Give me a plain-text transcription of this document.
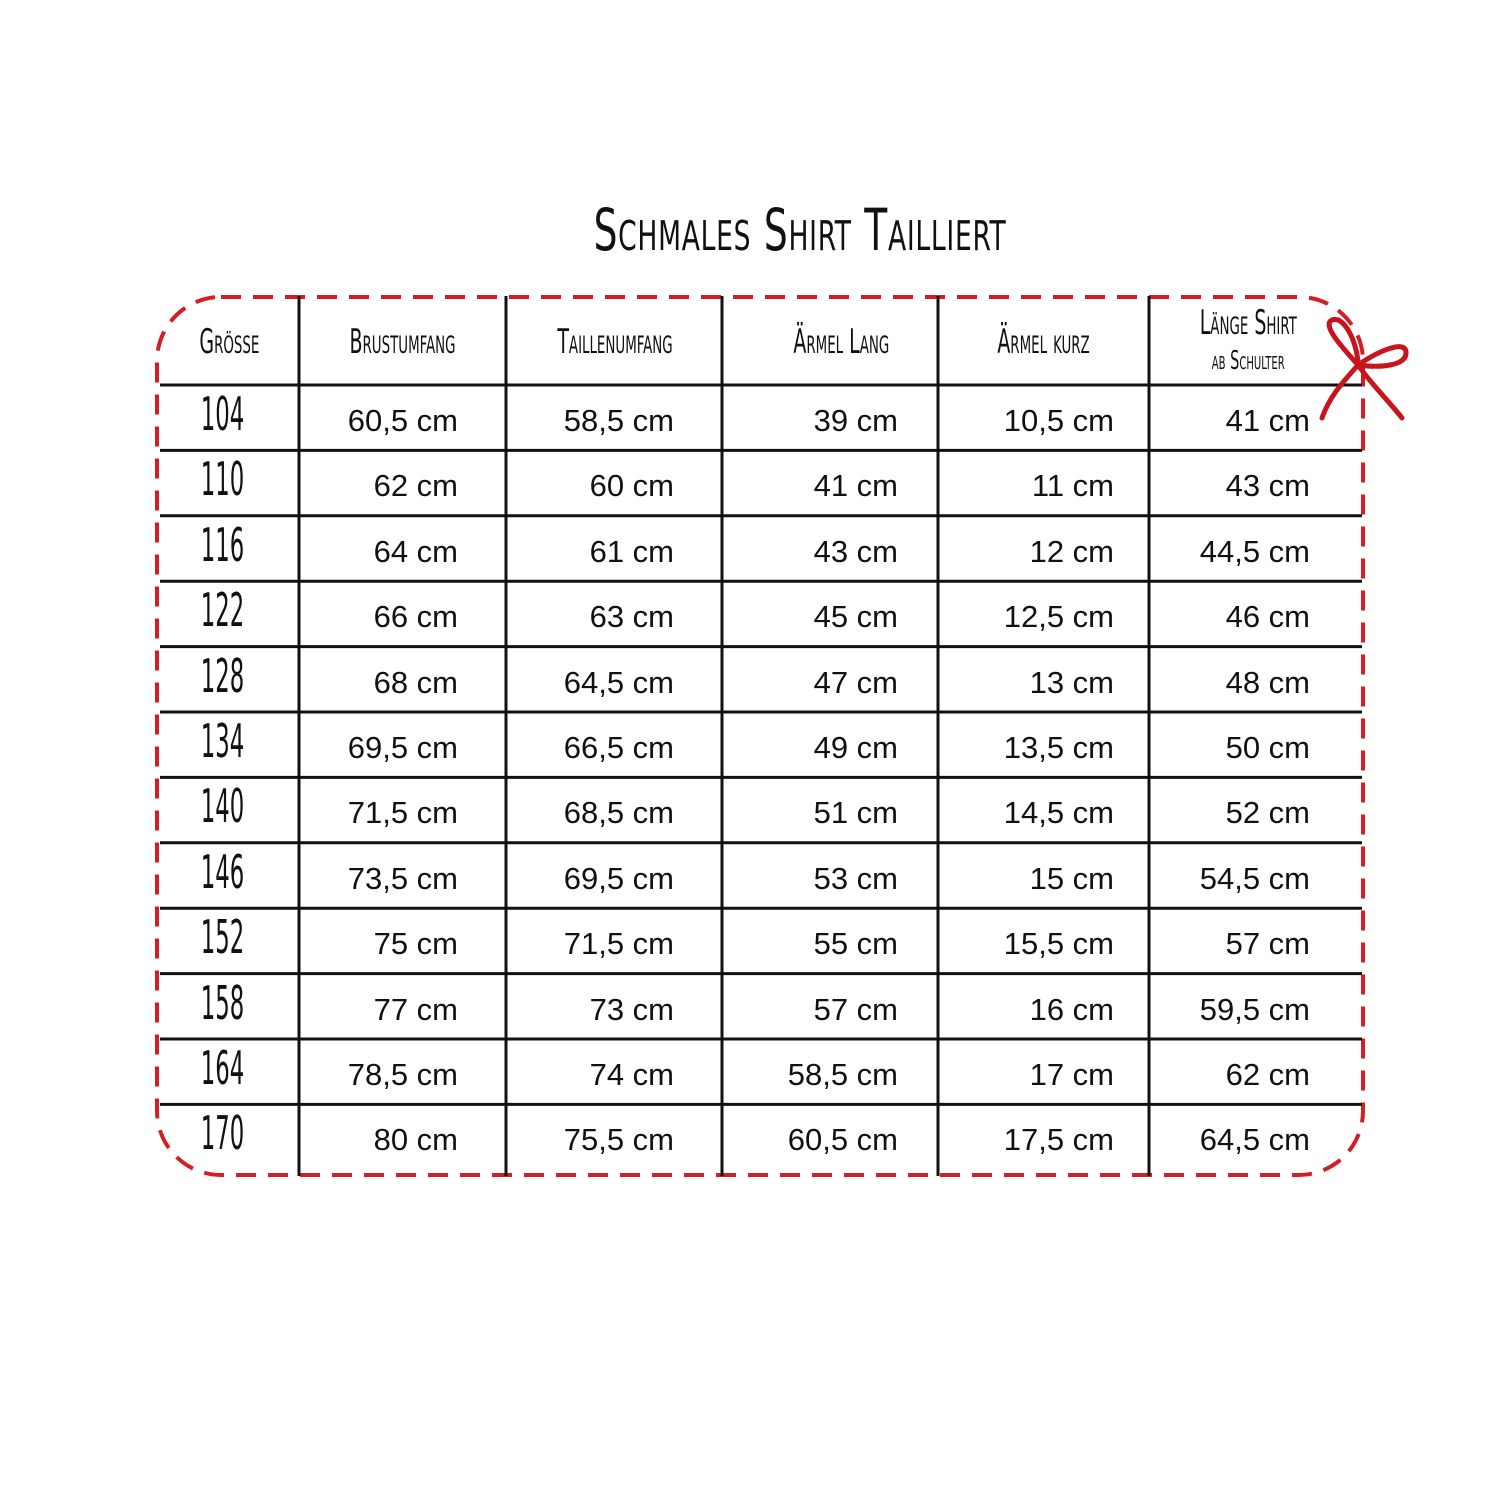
Schmales Shirt Tailliert
Größe	Brustumfang	Taillenumfang	Ärmel Lang	Ärmel kurz	Länge Shirt
ab Schulter
104	60,5 cm	58,5 cm	39 cm	10,5 cm	41 cm
110	62 cm	60 cm	41 cm	11 cm	43 cm
116	64 cm	61 cm	43 cm	12 cm	44,5 cm
122	66 cm	63 cm	45 cm	12,5 cm	46 cm
128	68 cm	64,5 cm	47 cm	13 cm	48 cm
134	69,5 cm	66,5 cm	49 cm	13,5 cm	50 cm
140	71,5 cm	68,5 cm	51 cm	14,5 cm	52 cm
146	73,5 cm	69,5 cm	53 cm	15 cm	54,5 cm
152	75 cm	71,5 cm	55 cm	15,5 cm	57 cm
158	77 cm	73 cm	57 cm	16 cm	59,5 cm
164	78,5 cm	74 cm	58,5 cm	17 cm	62 cm
170	80 cm	75,5 cm	60,5 cm	17,5 cm	64,5 cm
